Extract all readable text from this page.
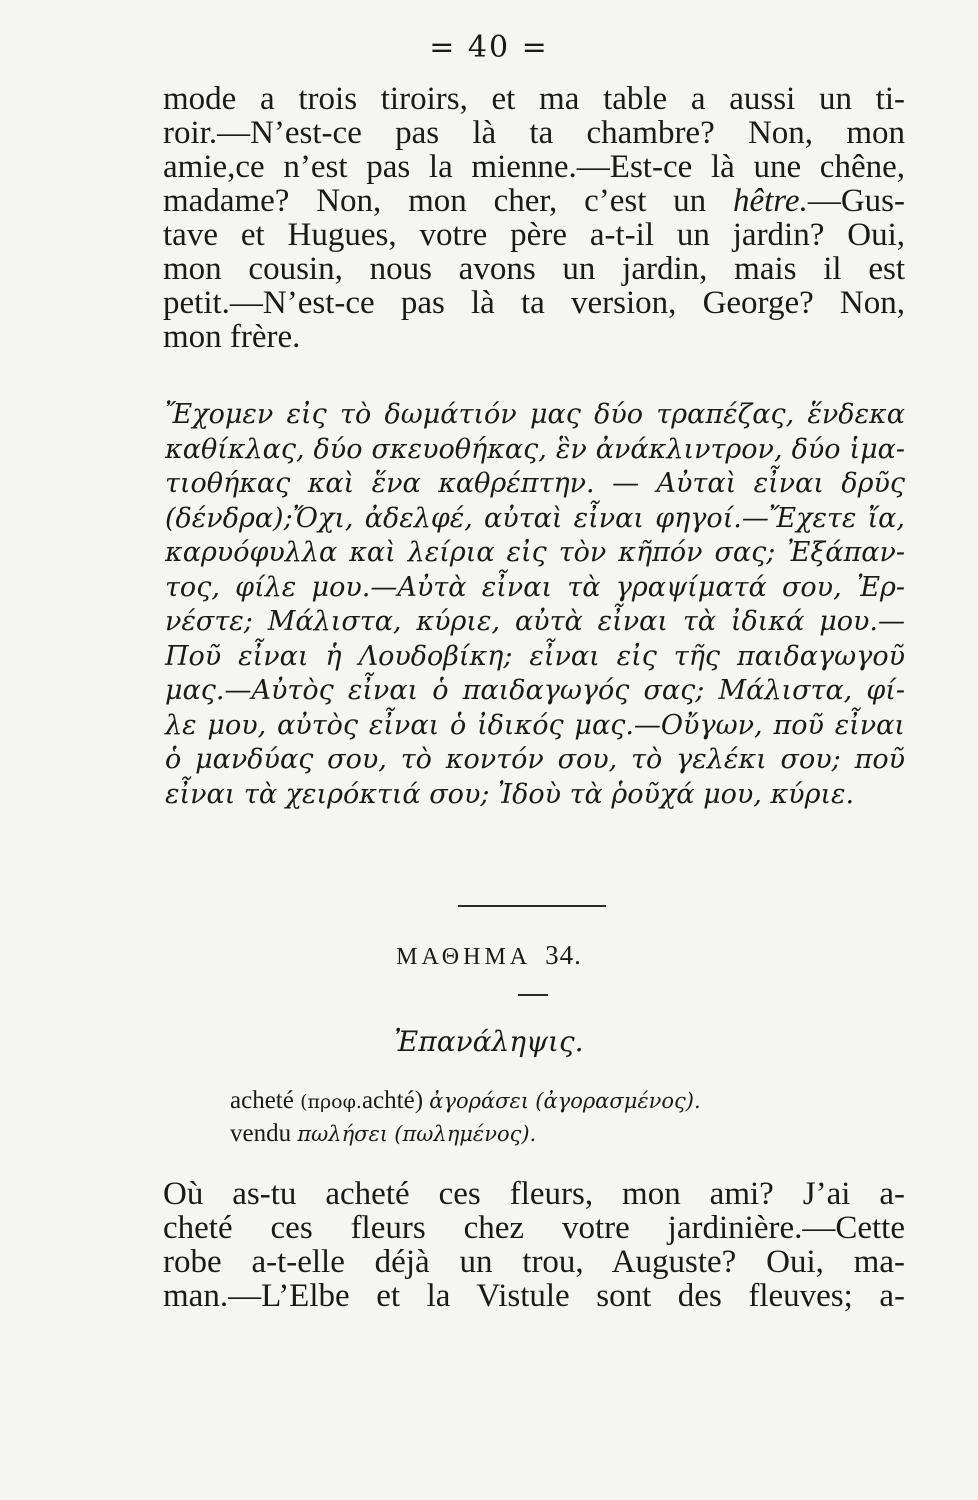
= 40 =
mode a trois tiroirs, et ma table a aussi un ti-
roir.—N’est-ce pas là ta chambre? Non, mon
amie,ce n’est pas la mienne.—Est-ce là une chêne,
madame? Non, mon cher, c’est un hêtre.—Gus-
tave et Hugues, votre père a-t-il un jardin? Oui,
mon cousin, nous avons un jardin, mais il est
petit.—N’est-ce pas là ta version, George? Non,
mon frère.
Ἔχομεν εἰς τὸ δωμάτιόν μας δύο τραπέζας, ἕνδεκα
καθίκλας, δύο σκευοθήκας, ἓν ἀνάκλιντρον, δύο ἱμα-
τιοθήκας καὶ ἕνα καθρέπτην. — Αὐταὶ εἶναι δρῦς
(δένδρα);Ὄχι, ἀδελφέ, αὐταὶ εἶναι φηγοί.—Ἔχετε ἴα,
καρυόφυλλα καὶ λείρια εἰς τὸν κῆπόν σας; Ἐξάπαν-
τος, φίλε μου.—Αὐτὰ εἶναι τὰ γραψίματά σου, Ἐρ-
νέστε; Μάλιστα, κύριε, αὐτὰ εἶναι τὰ ἰδικά μου.—
Ποῦ εἶναι ἡ Λουδοβίκη; εἶναι εἰς τῆς παιδαγωγοῦ
μας.—Αὐτὸς εἶναι ὁ παιδαγωγός σας; Μάλιστα, φί-
λε μου, αὐτὸς εἶναι ὁ ἰδικός μας.—Οὔγων, ποῦ εἶναι
ὁ μανδύας σου, τὸ κοντόν σου, τὸ γελέκι σου; ποῦ
εἶναι τὰ χειρόκτιά σου; Ἰδοὺ τὰ ῥοῦχά μου, κύριε.
ΜΑΘΗΜΑ 34.
Ἐπανάληψις.
acheté (προφ.achté) ἀγοράσει (ἀγορασμένος).
vendu πωλήσει (πωλημένος).
Où as-tu acheté ces fleurs, mon ami? J’ai a-
cheté ces fleurs chez votre jardinière.—Cette
robe a-t-elle déjà un trou, Auguste? Oui, ma-
man.—L’Elbe et la Vistule sont des fleuves; a-
